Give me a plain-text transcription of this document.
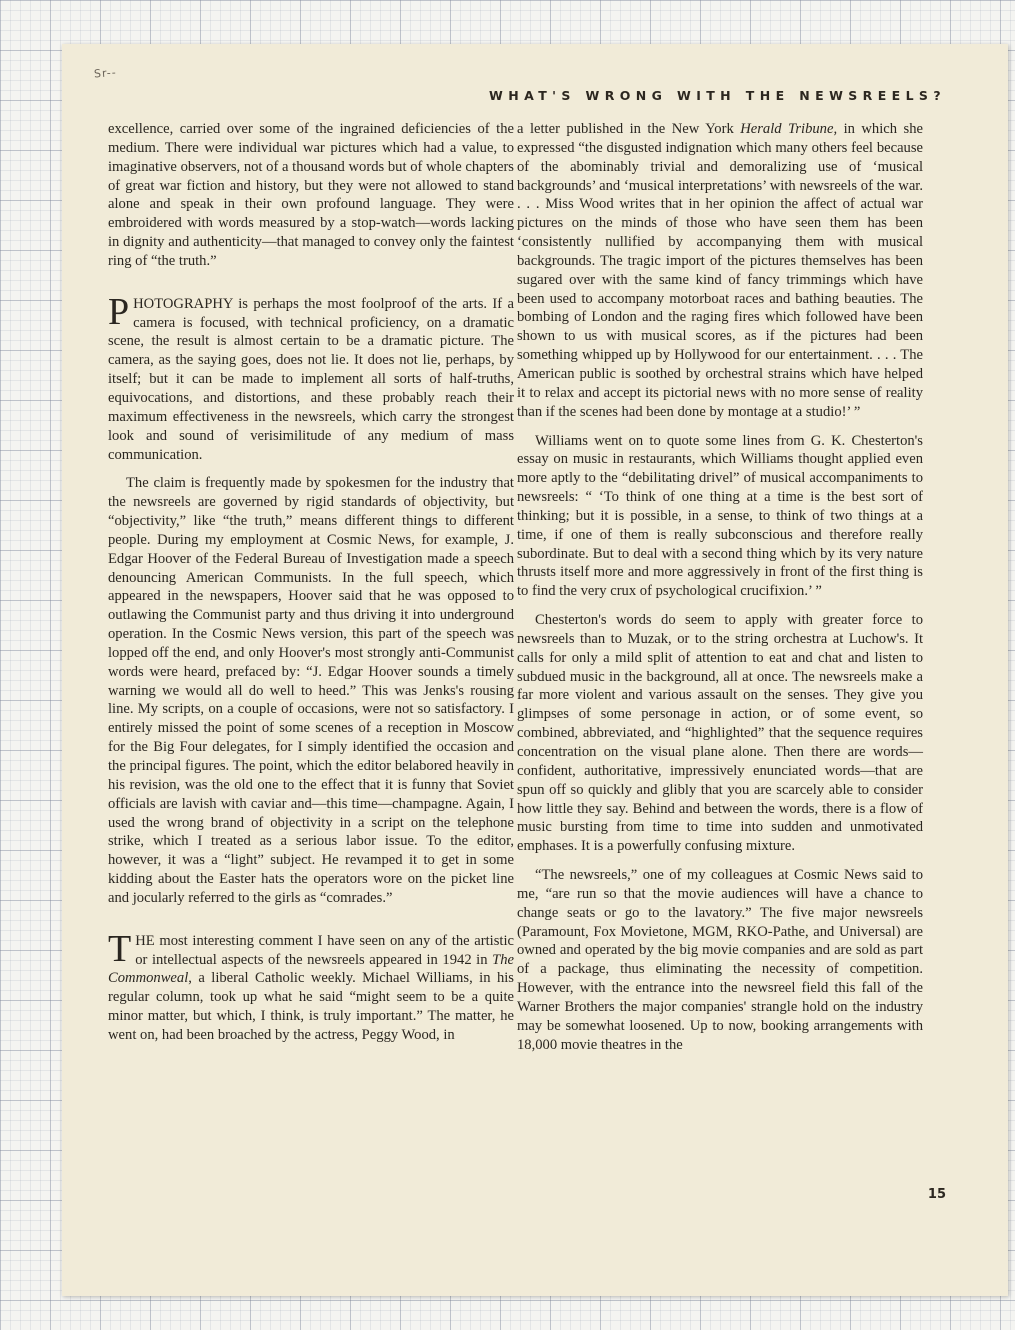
Sr--
WHAT'S WRONG WITH THE NEWSREELS?

excellence, carried over some of the ingrained deficiencies of the medium. There were individual war pictures which had a value, to imaginative observers, not of a thousand words but of whole chapters of great war fiction and history, but they were not allowed to stand alone and speak in their own profound language. They were embroidered with words measured by a stop-watch—words lacking in dignity and authenticity—that managed to convey only the faintest ring of “the truth.”

PHOTOGRAPHY is perhaps the most foolproof of the arts. If a camera is focused, with technical proficiency, on a dramatic scene, the result is almost certain to be a dramatic picture. The camera, as the saying goes, does not lie. It does not lie, perhaps, by itself; but it can be made to implement all sorts of half-truths, equivocations, and distortions, and these probably reach their maximum effectiveness in the newsreels, which carry the strongest look and sound of verisimilitude of any medium of mass communication.

The claim is frequently made by spokesmen for the industry that the newsreels are governed by rigid standards of objectivity, but “objectivity,” like “the truth,” means different things to different people. During my employment at Cosmic News, for example, J. Edgar Hoover of the Federal Bureau of Investigation made a speech denouncing American Communists. In the full speech, which appeared in the newspapers, Hoover said that he was opposed to outlawing the Communist party and thus driving it into underground operation. In the Cosmic News version, this part of the speech was lopped off the end, and only Hoover's most strongly anti-Communist words were heard, prefaced by: “J. Edgar Hoover sounds a timely warning we would all do well to heed.” This was Jenks's rousing line. My scripts, on a couple of occasions, were not so satisfactory. I entirely missed the point of some scenes of a reception in Moscow for the Big Four delegates, for I simply identified the occasion and the principal figures. The point, which the editor belabored heavily in his revision, was the old one to the effect that it is funny that Soviet officials are lavish with caviar and—this time—champagne. Again, I used the wrong brand of objectivity in a script on the telephone strike, which I treated as a serious labor issue. To the editor, however, it was a “light” subject. He revamped it to get in some kidding about the Easter hats the operators wore on the picket line and jocularly referred to the girls as “comrades.”

THE most interesting comment I have seen on any of the artistic or intellectual aspects of the newsreels appeared in 1942 in The Commonweal, a liberal Catholic weekly. Michael Williams, in his regular column, took up what he said “might seem to be a quite minor matter, but which, I think, is truly important.” The matter, he went on, had been broached by the actress, Peggy Wood, in

a letter published in the New York Herald Tribune, in which she expressed “the disgusted indignation which many others feel because of the abominably trivial and demoralizing use of ‘musical backgrounds’ and ‘musical interpretations’ with newsreels of the war. . . . Miss Wood writes that in her opinion the affect of actual war pictures on the minds of those who have seen them has been ‘consistently nullified by accompanying them with musical backgrounds. The tragic import of the pictures themselves has been sugared over with the same kind of fancy trimmings which have been used to accompany motorboat races and bathing beauties. The bombing of London and the raging fires which followed have been shown to us with musical scores, as if the pictures had been something whipped up by Hollywood for our entertainment. . . . The American public is soothed by orchestral strains which have helped it to relax and accept its pictorial news with no more sense of reality than if the scenes had been done by montage at a studio!’ ”

Williams went on to quote some lines from G. K. Chesterton's essay on music in restaurants, which Williams thought applied even more aptly to the “debilitating drivel” of musical accompaniments to newsreels: “ ‘To think of one thing at a time is the best sort of thinking; but it is possible, in a sense, to think of two things at a time, if one of them is really subconscious and therefore really subordinate. But to deal with a second thing which by its very nature thrusts itself more and more aggressively in front of the first thing is to find the very crux of psychological crucifixion.’ ”

Chesterton's words do seem to apply with greater force to newsreels than to Muzak, or to the string orchestra at Luchow's. It calls for only a mild split of attention to eat and chat and listen to subdued music in the background, all at once. The newsreels make a far more violent and various assault on the senses. They give you glimpses of some personage in action, or of some event, so combined, abbreviated, and “highlighted” that the sequence requires concentration on the visual plane alone. Then there are words—confident, authoritative, impressively enunciated words—that are spun off so quickly and glibly that you are scarcely able to consider how little they say. Behind and between the words, there is a flow of music bursting from time to time into sudden and unmotivated emphases. It is a powerfully confusing mixture.

“The newsreels,” one of my colleagues at Cosmic News said to me, “are run so that the movie audiences will have a chance to change seats or go to the lavatory.” The five major newsreels (Paramount, Fox Movietone, MGM, RKO-Pathe, and Universal) are owned and operated by the big movie companies and are sold as part of a package, thus eliminating the necessity of competition. However, with the entrance into the newsreel field this fall of the Warner Brothers the major companies' strangle hold on the industry may be somewhat loosened. Up to now, booking arrangements with 18,000 movie theatres in the

15
